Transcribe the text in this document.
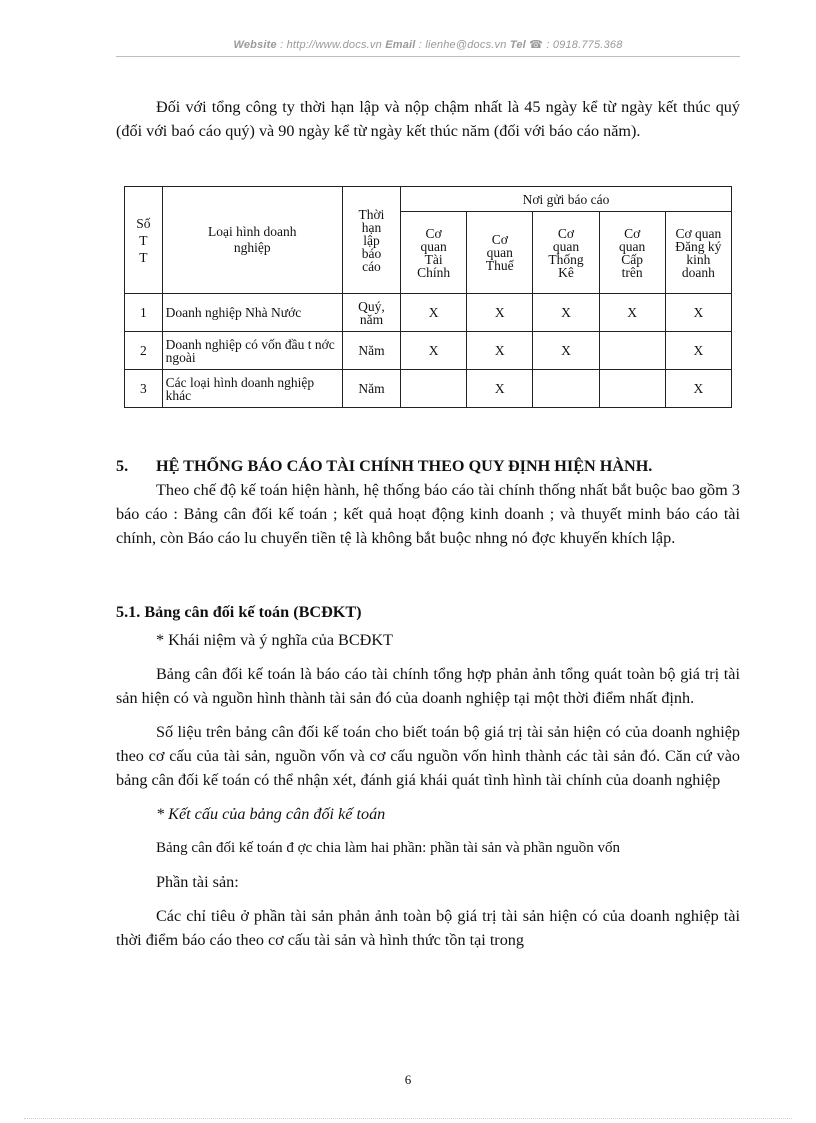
Website : http://www.docs.vn Email : lienhe@docs.vn Tel ☎ : 0918.775.368

Đối với tổng công ty thời hạn lập và nộp chậm nhất là 45 ngày kể từ ngày kết thúc quý (đối với baó cáo quý) và 90 ngày kể từ ngày kết thúc năm (đối với báo cáo năm).

Số T T	Loại hình doanh nghiệp	Thời hạn lập báo cáo	Nơi gửi báo cáo				
			Cơ quan Tài Chính	Cơ quan Thuế	Cơ quan Thống Kê	Cơ quan Cấp trên	Cơ quan Đăng ký kinh doanh
1	Doanh nghiệp Nhà Nước	Quý, năm	X	X	X	X	X
2	Doanh nghiệp có vốn đầu t nớc ngoài	Năm	X	X	X		X
3	Các loại hình doanh nghiệp khác	Năm		X			X

5. HỆ THỐNG BÁO CÁO TÀI CHÍNH THEO QUY ĐỊNH HIỆN HÀNH.

Theo chế độ kế toán hiện hành, hệ thống báo cáo tài chính thống nhất bắt buộc bao gồm 3 báo cáo : Bảng cân đối kế toán ; kết quả hoạt động kinh doanh ; và thuyết minh báo cáo tài chính, còn Báo cáo lu chuyển tiền tệ là không bắt buộc nhng nó đợc khuyến khích lập.

5.1. Bảng cân đối kế toán (BCĐKT)

* Khái niệm và ý nghĩa của BCĐKT

Bảng cân đối kế toán là báo cáo tài chính tổng hợp phản ảnh tổng quát toàn bộ giá trị tài sản hiện có và nguồn hình thành tài sản đó của doanh nghiệp tại một thời điểm nhất định.

Số liệu trên bảng cân đối kế toán cho biết toán bộ giá trị tài sản hiện có của doanh nghiệp theo cơ cấu của tài sản, nguồn vốn và cơ cấu nguồn vốn hình thành các tài sản đó. Căn cứ vào bảng cân đối kế toán có thể nhận xét, đánh giá khái quát tình hình tài chính của doanh nghiệp

* Kết cấu của bảng cân đối kế toán

Bảng cân đối kế toán đ ợc chia làm hai phần: phần tài sản và phần nguồn vốn

Phần tài sản:

Các chỉ tiêu ở phần tài sản phản ảnh toàn bộ giá trị tài sản hiện có của doanh nghiệp tài thời điểm báo cáo theo cơ cấu tài sản và hình thức tồn tại trong

6
